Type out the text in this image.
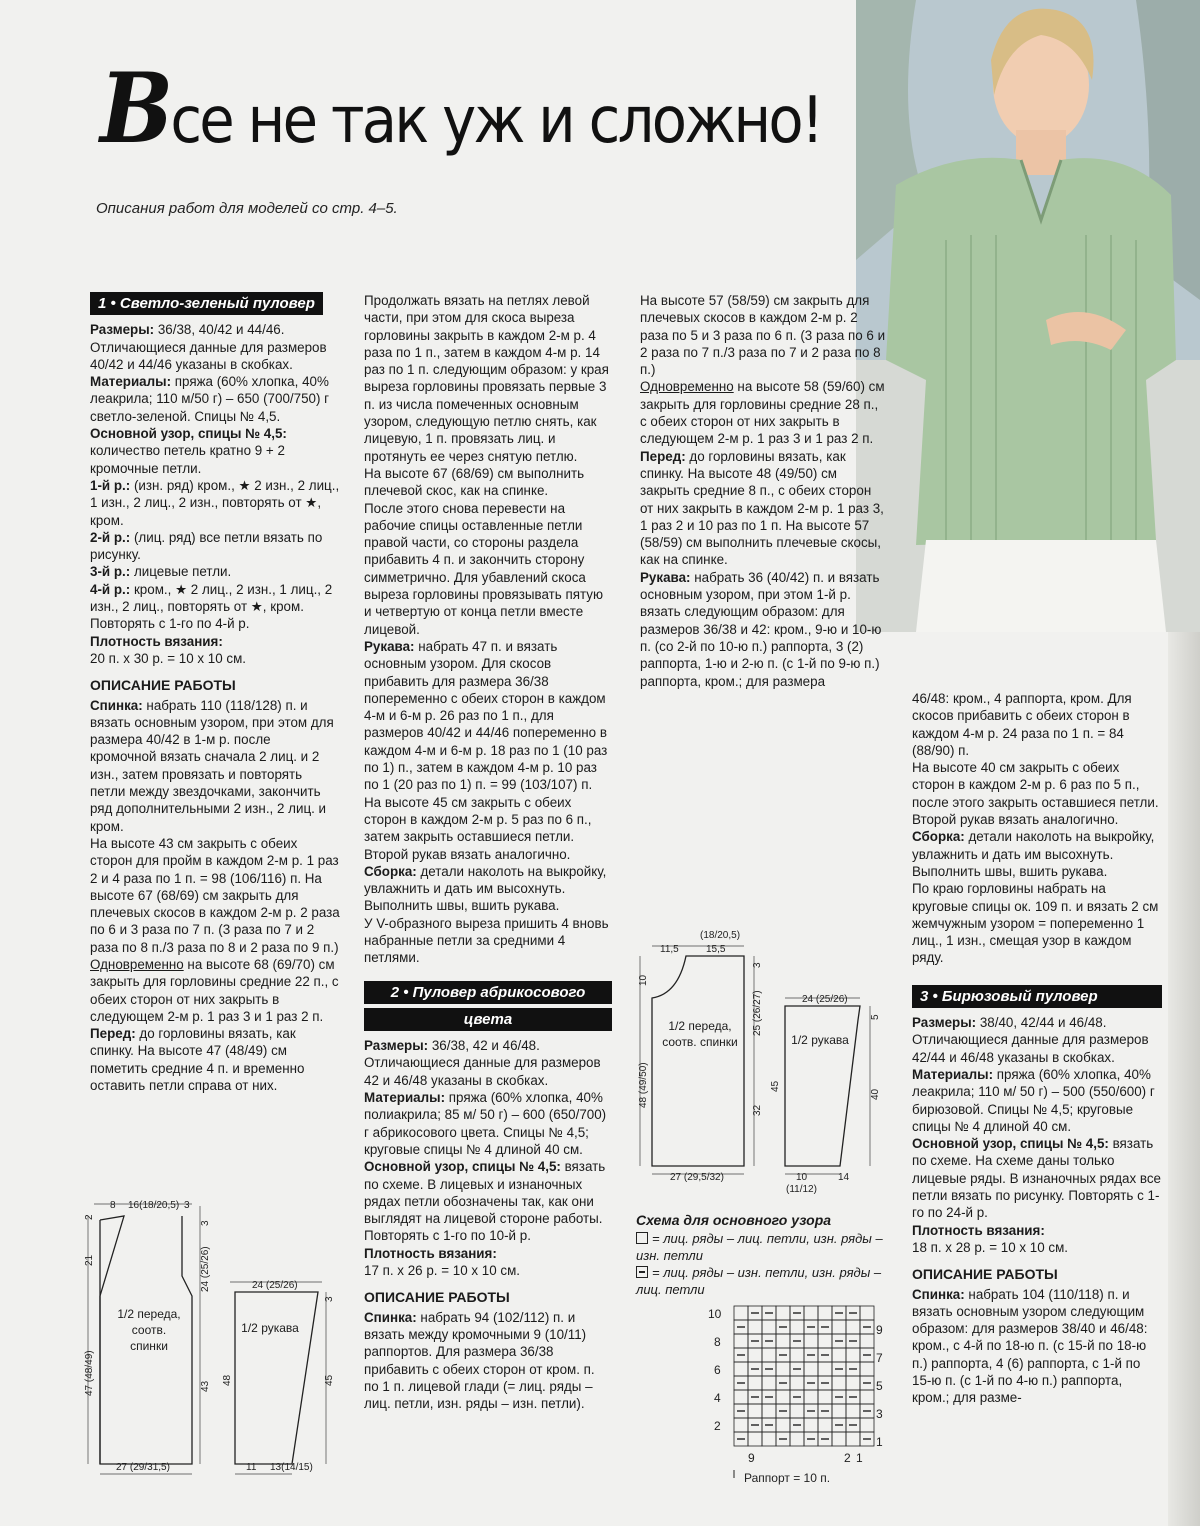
Все не так уж и сложно!
Описания работ для моделей со стр. 4–5.
1 • Светло-зеленый пуловер

Размеры: 36/38, 40/42 и 44/46. Отличающиеся данные для размеров 40/42 и 44/46 указаны в скобках.

Материалы: пряжа (60% хлопка, 40% леакрила; 110 м/50 г) – 650 (700/750) г светло-зеленой. Спицы № 4,5.

Основной узор, спицы № 4,5: количество петель кратно 9 + 2 кромочные петли.

1-й р.: (изн. ряд) кром., ★ 2 изн., 2 лиц., 1 изн., 2 лиц., 2 изн., повторять от ★, кром.

2-й р.: (лиц. ряд) все петли вязать по рисунку.

3-й р.: лицевые петли.

4-й р.: кром., ★ 2 лиц., 2 изн., 1 лиц., 2 изн., 2 лиц., повторять от ★, кром.

Повторять с 1-го по 4-й р.

Плотность вязания:

20 п. х 30 р. = 10 х 10 см.

ОПИСАНИЕ РАБОТЫ

Спинка: набрать 110 (118/128) п. и вязать основным узором, при этом для размера 40/42 в 1-м р. после кромочной вязать сначала 2 лиц. и 2 изн., затем провязать и повторять петли между звездочками, закончить ряд дополнительными 2 изн., 2 лиц. и кром.

На высоте 43 см закрыть с обеих сторон для пройм в каждом 2-м р. 1 раз 2 и 4 раза по 1 п. = 98 (106/116) п. На высоте 67 (68/69) см закрыть для плечевых скосов в каждом 2-м р. 2 раза по 6 и 3 раза по 7 п. (3 раза по 7 и 2 раза по 8 п./3 раза по 8 и 2 раза по 9 п.)

Одновременно на высоте 68 (69/70) см закрыть для горловины средние 22 п., с обеих сторон от них закрыть в следующем 2-м р. 1 раз 3 и 1 раз 2 п.

Перед: до горловины вязать, как спинку. На высоте 47 (48/49) см пометить средние 4 п. и временно оставить петли справа от них.

8 16(18/20,5) 3
2
21
47 (48/49)
3
24 (25/26)
43
27 (29/31,5)
24 (25/26)
3
45
48
11 13(14/15)
1/2 переда, соотв. спинки
1/2 рукава

Продолжать вязать на петлях левой части, при этом для скоса выреза горловины закрыть в каждом 2-м р. 4 раза по 1 п., затем в каждом 4-м р. 14 раз по 1 п. следующим образом: у края выреза горловины провязать первые 3 п. из числа помеченных основным узором, следующую петлю снять, как лицевую, 1 п. провязать лиц. и протянуть ее через снятую петлю.

На высоте 67 (68/69) см выполнить плечевой скос, как на спинке.

После этого снова перевести на рабочие спицы оставленные петли правой части, со стороны раздела прибавить 4 п. и закончить сторону симметрично. Для убавлений скоса выреза горловины провязывать пятую и четвертую от конца петли вместе лицевой.

Рукава: набрать 47 п. и вязать основным узором. Для скосов прибавить для размера 36/38 попеременно с обеих сторон в каждом 4-м и 6-м р. 26 раз по 1 п., для размеров 40/42 и 44/46 попеременно в каждом 4-м и 6-м р. 18 раз по 1 (10 раз по 1) п., затем в каждом 4-м р. 10 раз по 1 (20 раз по 1) п. = 99 (103/107) п. На высоте 45 см закрыть с обеих сторон в каждом 2-м р. 5 раз по 6 п., затем закрыть оставшиеся петли.

Второй рукав вязать аналогично.

Сборка: детали наколоть на выкройку, увлажнить и дать им высохнуть. Выполнить швы, вшить рукава.

У V-образного выреза пришить 4 вновь набранные петли за средними 4 петлями.

2 • Пуловер абрикосового
цвета

Размеры: 36/38, 42 и 46/48. Отличающиеся данные для размеров 42 и 46/48 указаны в скобках.

Материалы: пряжа (60% хлопка, 40% полиакрила; 85 м/ 50 г) – 600 (650/700) г абрикосового цвета. Спицы № 4,5; круговые спицы № 4 длиной 40 см.

Основной узор, спицы № 4,5: вязать по схеме. В лицевых и изнаночных рядах петли обозначены так, как они выглядят на лицевой стороне работы.

Повторять с 1-го по 10-й р.

Плотность вязания:

17 п. х 26 р. = 10 х 10 см.

ОПИСАНИЕ РАБОТЫ

Спинка: набрать 94 (102/112) п. и вязать между кромочными 9 (10/11) раппортов. Для размера 36/38 прибавить с обеих сторон от кром. п. по 1 п. лицевой глади (= лиц. ряды – лиц. петли, изн. ряды – изн. петли).

На высоте 57 (58/59) см закрыть для плечевых скосов в каждом 2-м р. 2 раза по 5 и 3 раза по 6 п. (3 раза по 6 и 2 раза по 7 п./3 раза по 7 и 2 раза по 8 п.)

Одновременно на высоте 58 (59/60) см закрыть для горловины средние 28 п., с обеих сторон от них закрыть в следующем 2-м р. 1 раз 3 и 1 раз 2 п.

Перед: до горловины вязать, как спинку. На высоте 48 (49/50) см закрыть средние 8 п., с обеих сторон от них закрыть в каждом 2-м р. 1 раз 3, 1 раз 2 и 10 раз по 1 п. На высоте 57 (58/59) см выполнить плечевые скосы, как на спинке.

Рукава: набрать 36 (40/42) п. и вязать основным узором, при этом 1-й р. вязать следующим образом: для размеров 36/38 и 42: кром., 9-ю и 10-ю п. (со 2-й по 10-ю п.) раппорта, 3 (2) раппорта, 1-ю и 2-ю п. (с 1-й по 9-ю п.) раппорта, кром.; для размера

(18/20,5)
11,5	15,5
10
48 (49/50)
3
25 (26/27)
32
27 (29,5/32)
24 (25/26)
5
40
45
10
(11/12)
14
1/2 переда, соотв. спинки	1/2 рукава
Схема для основного узора
= лиц. ряды – лиц. петли, изн. ряды – изн. петли
= лиц. ряды – изн. петли, изн. ряды – лиц. петли
10
8
6
4
2
9
7
5
3
1
9	2 1
Раппорт = 10 п.

46/48: кром., 4 раппорта, кром. Для скосов прибавить с обеих сторон в каждом 4-м р. 24 раза по 1 п. = 84 (88/90) п.

На высоте 40 см закрыть с обеих сторон в каждом 2-м р. 6 раз по 5 п., после этого закрыть оставшиеся петли.

Второй рукав вязать аналогично.

Сборка: детали наколоть на выкройку, увлажнить и дать им высохнуть. Выполнить швы, вшить рукава.

По краю горловины набрать на круговые спицы ок. 109 п. и вязать 2 см жемчужным узором = попеременно 1 лиц., 1 изн., смещая узор в каждом ряду.

3 • Бирюзовый пуловер

Размеры: 38/40, 42/44 и 46/48. Отличающиеся данные для размеров 42/44 и 46/48 указаны в скобках.

Материалы: пряжа (60% хлопка, 40% леакрила; 110 м/ 50 г) – 500 (550/600) г бирюзовой. Спицы № 4,5; круговые спицы № 4 длиной 40 см.

Основной узор, спицы № 4,5: вязать по схеме. На схеме даны только лицевые ряды. В изнаночных рядах все петли вязать по рисунку. Повторять с 1-го по 24-й р.

Плотность вязания:

18 п. х 28 р. = 10 х 10 см.

ОПИСАНИЕ РАБОТЫ

Спинка: набрать 104 (110/118) п. и вязать основным узором следующим образом: для размеров 38/40 и 46/48: кром., с 4-й по 18-ю п. (с 15-й по 18-ю п.) раппорта, 4 (6) раппорта, с 1-й по 15-ю п. (с 1-й по 4-ю п.) раппорта, кром.; для разме-
